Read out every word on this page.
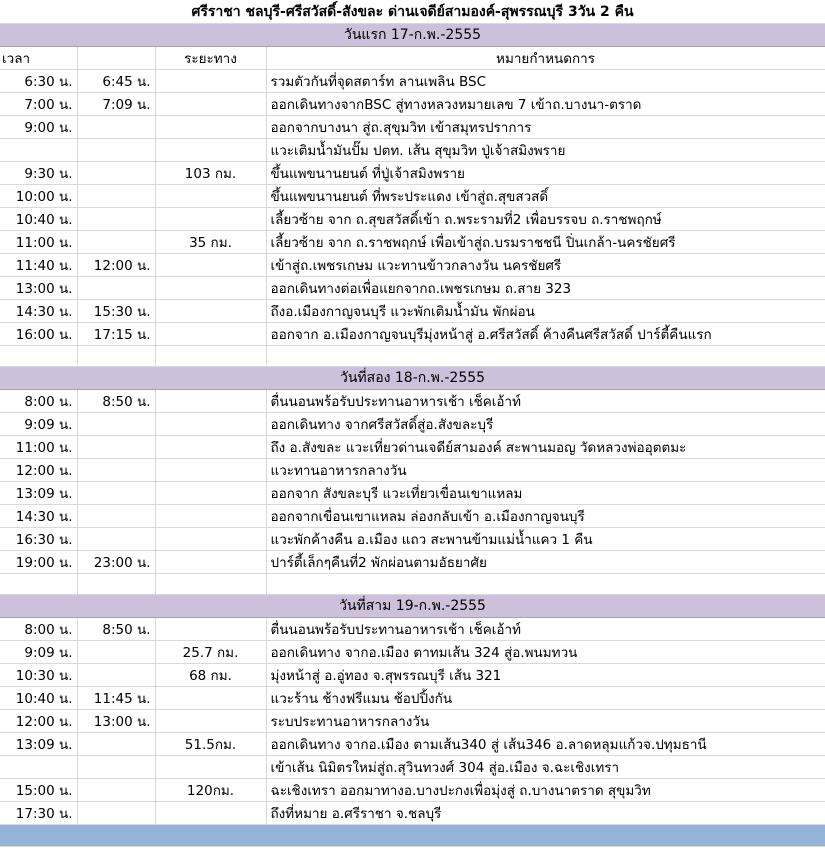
ศรีราชา ชลบุรี-ศรีสวัสดิ์-สังขละ ด่านเจดีย์สามองค์-สุพรรณบุรี 3วัน 2 คืน			
วันแรก 17-ก.พ.-2555			
เวลา		ระยะทาง	หมายกำหนดการ
6:30 น.	6:45 น.		รวมตัวกันที่จุดสตาร์ท ลานเพลิน BSC
7:00 น.	7:09 น.		ออกเดินทางจากBSC สู่ทางหลวงหมายเลข 7 เข้าถ.บางนา-ตราด
9:00 น.			ออกจากบางนา สู่ถ.สุขุมวิท เข้าสมุทรปราการ
			แวะเติมน้ำมันปั๊ม ปตท. เส้น สุขุมวิท ปู่เจ้าสมิงพราย
9:30 น.		103 กม.	ขึ้นแพขนานยนต์ ที่ปู่เจ้าสมิงพราย
10:00 น.			ขึ้นแพขนานยนต์ ที่พระประแดง เข้าสู่ถ.สุขสวสดิ์
10:40 น.			เลี้ยวซ้าย จาก ถ.สุขสวัสดิ์เข้า ถ.พระรามที่2 เพื่อบรรจบ ถ.ราชพฤกษ์
11:00 น.		35 กม.	เลี้ยวซ้าย จาก ถ.ราชพฤกษ์ เพื่อเข้าสู่ถ.บรมราชชนี ปิ่นเกล้า-นครชัยศรี
11:40 น.	12:00 น.		เข้าสู่ถ.เพชรเกษม แวะทานข้าวกลางวัน นครชัยศรี
13:00 น.			ออกเดินทางต่อเพื่อแยกจากถ.เพชรเกษม ถ.สาย 323
14:30 น.	15:30 น.		ถึงอ.เมืองกาญจนบุรี แวะพักเติมน้ำมัน พักผ่อน
16:00 น.	17:15 น.		ออกจาก อ.เมืองกาญจนบุรีมุ่งหน้าสู่ อ.ศรีสวัสดิ์ ค้างคืนศรีสวัสดิ์ ปาร์ตี้คืนแรก

วันที่สอง 18-ก.พ.-2555			
8:00 น.	8:50 น.		ตื่นนอนพร้อรับประทานอาหารเช้า เช็คเอ้าท์
9:09 น.			ออกเดินทาง จากศรีสวัสดิ์สู่อ.สังขละบุรี
11:00 น.			ถึง อ.สังขละ แวะเที่ยวด่านเจดีย์สามองค์ สะพานมอญ วัดหลวงพ่ออุตตมะ
12:00 น.			แวะทานอาหารกลางวัน
13:09 น.			ออกจาก สังขละบุรี แวะเที่ยวเขื่อนเขาแหลม
14:30 น.			ออกจากเขื่อนเขาแหลม ล่องกลับเข้า อ.เมืองกาญจนบุรี
16:30 น.			แวะพักค้างคืน อ.เมือง แถว สะพานข้ามแม่น้ำแคว 1 คืน
19:00 น.	23:00 น.		ปาร์ตี้เล็กๆคืนที่2 พักผ่อนตามอัธยาศัย

วันที่สาม 19-ก.พ.-2555			
8:00 น.	8:50 น.		ตื่นนอนพร้อรับประทานอาหารเช้า เช็คเอ้าท์
9:09 น.		25.7 กม.	ออกเดินทาง จากอ.เมือง ตาทมเส้น 324 สู่อ.พนมทวน
10:30 น.		68 กม.	มุ่งหน้าสู่ อ.อู่ทอง จ.สุพรรณบุรี เส้น 321
10:40 น.	11:45 น.		แวะร้าน ช้างฟรีแมน ช้อปปิ้งกัน
12:00 น.	13:00 น.		ระบประทานอาหารกลางวัน
13:09 น.		51.5กม.	ออกเดินทาง จากอ.เมือง ตามเส้น340 สู่ เส้น346 อ.ลาดหลุมแก้วจ.ปทุมธานี
			เข้าเส้น นิมิตรใหม่สู่ถ.สุวินทวงศ์ 304 สู่อ.เมือง จ.ฉะเชิงเทรา
15:00 น.		120กม.	ฉะเชิงเทรา ออกมาทางอ.บางปะกงเพื่อมุ่งสู่ ถ.บางนาตราด สุขุมวิท
17:30 น.			ถึงที่หมาย อ.ศรีราชา จ.ชลบุรี
